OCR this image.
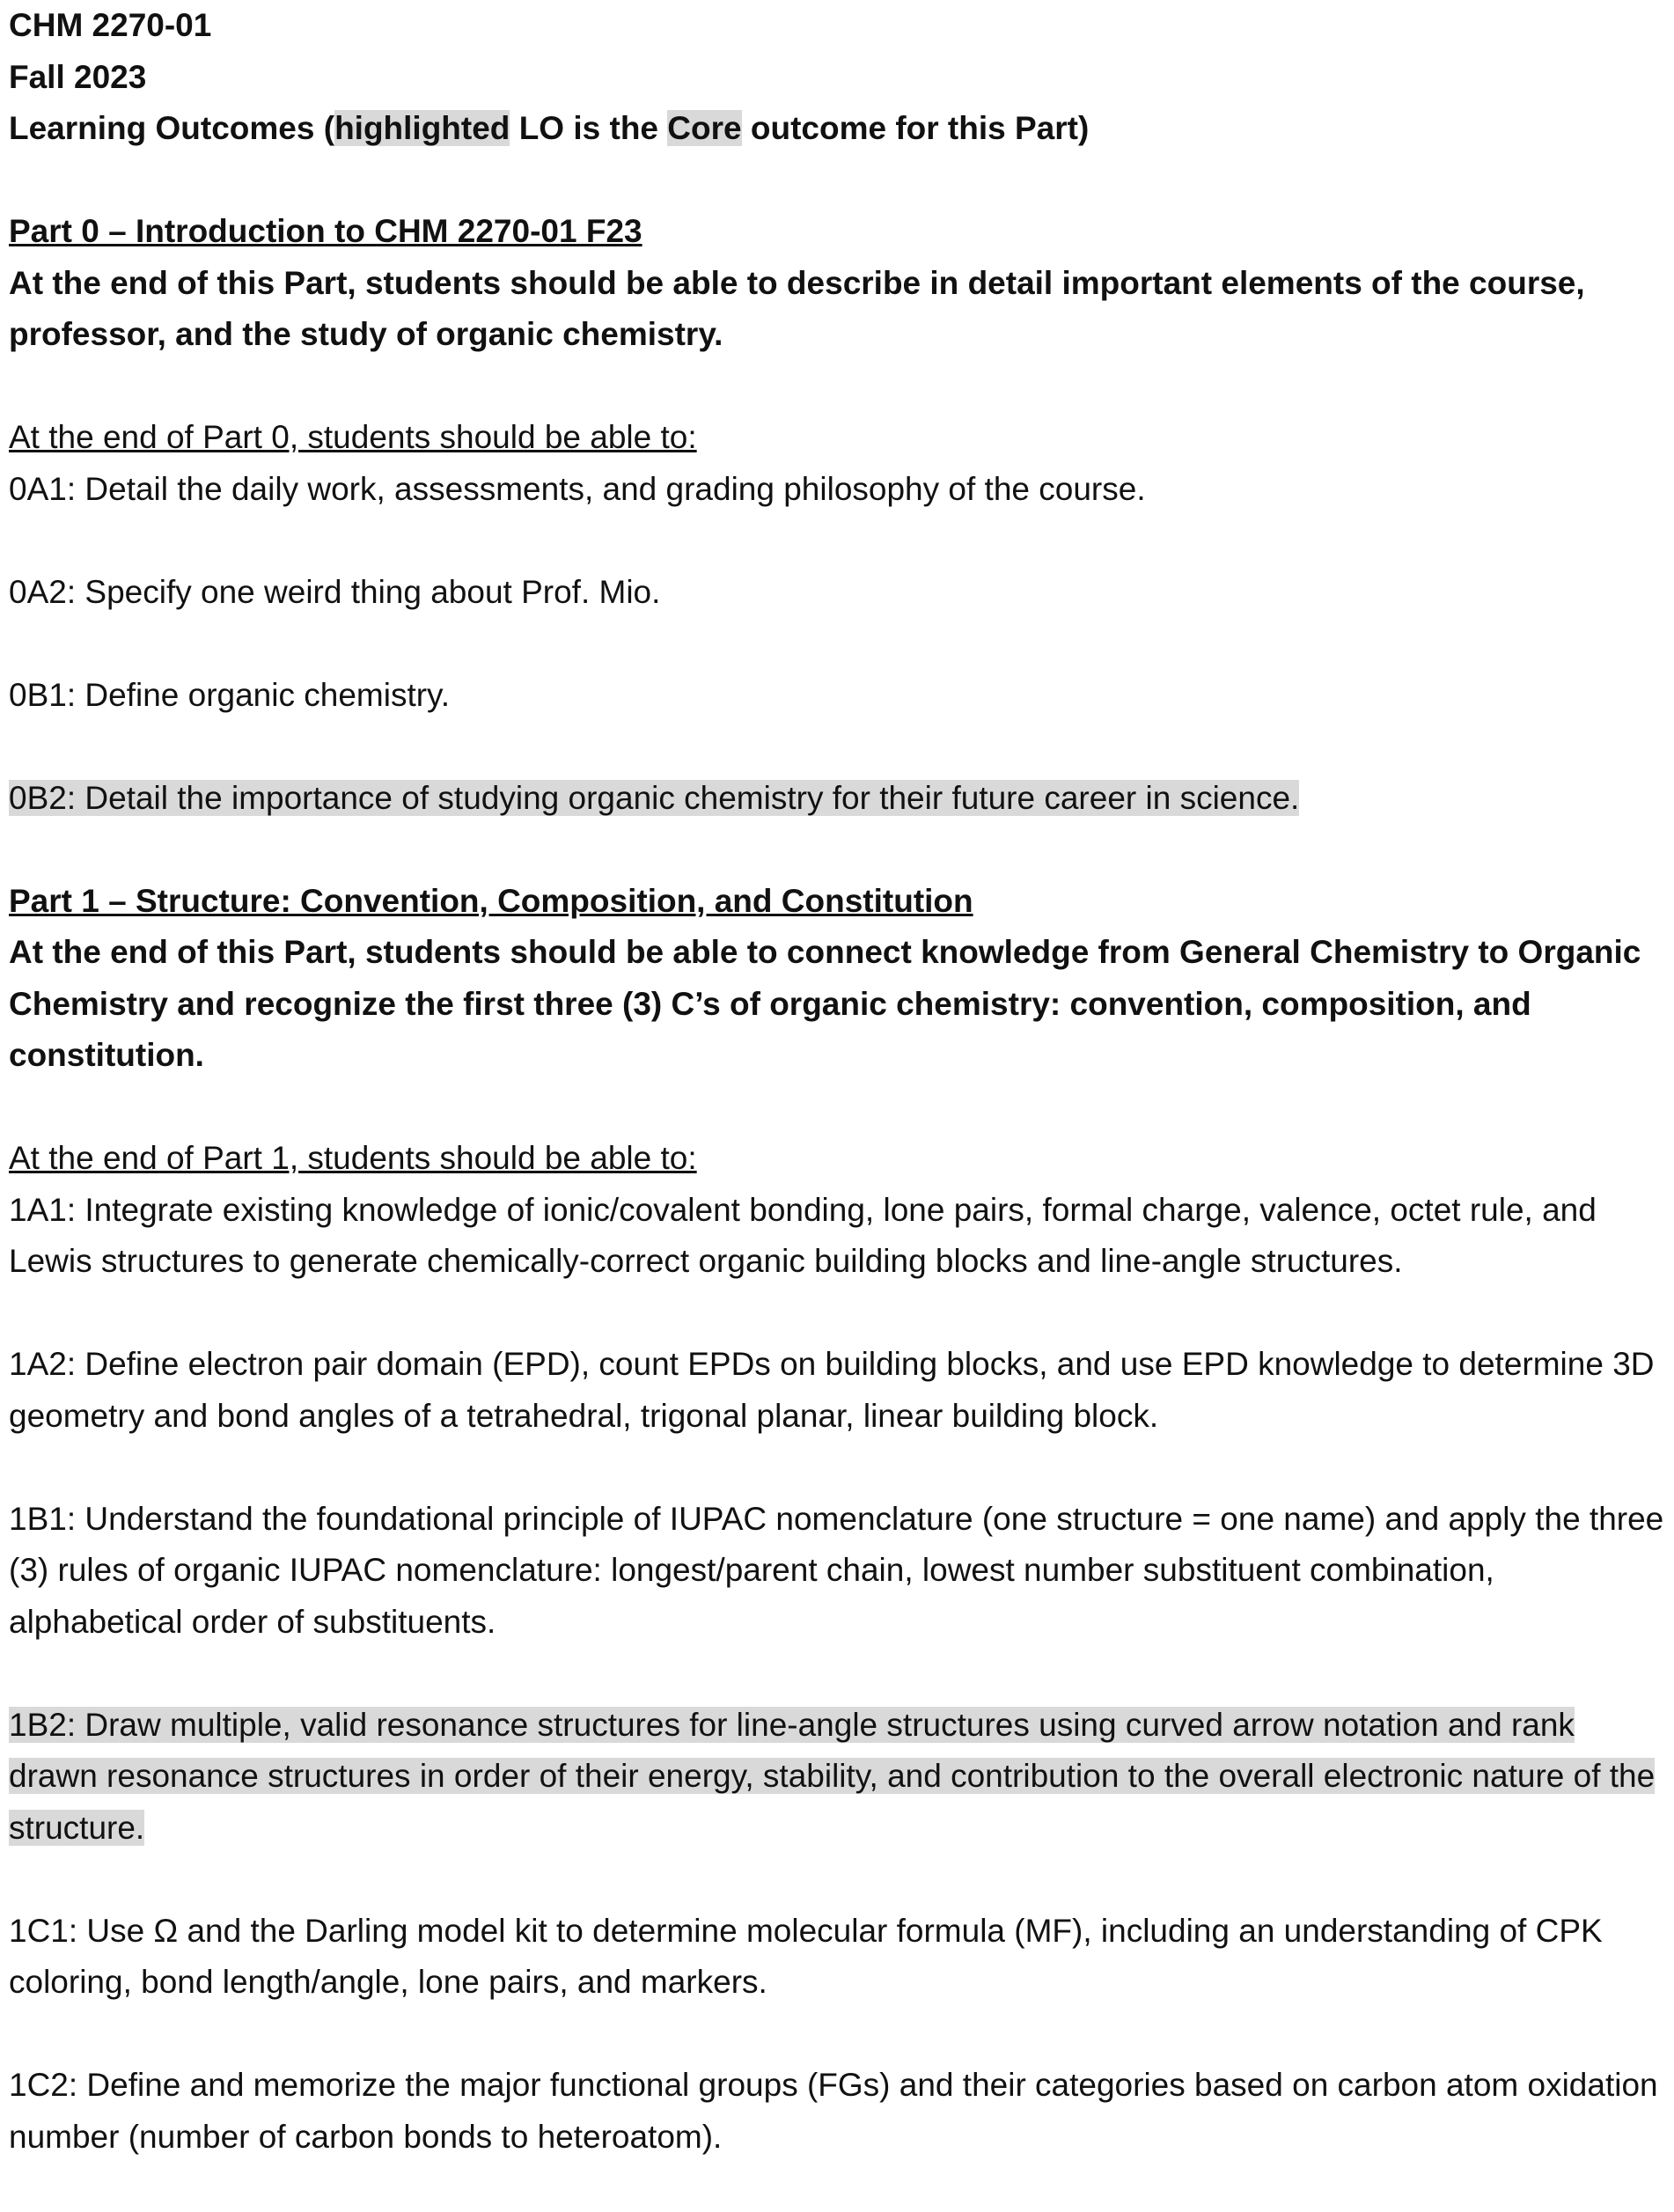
CHM 2270-01

Fall 2023

Learning Outcomes (highlighted LO is the Core outcome for this Part)

Part 0 – Introduction to CHM 2270-01 F23

At the end of this Part, students should be able to describe in detail important elements of the course, professor, and the study of organic chemistry.

At the end of Part 0, students should be able to:

0A1: Detail the daily work, assessments, and grading philosophy of the course.

0A2: Specify one weird thing about Prof. Mio.

0B1: Define organic chemistry.

0B2: Detail the importance of studying organic chemistry for their future career in science.

Part 1 – Structure: Convention, Composition, and Constitution

At the end of this Part, students should be able to connect knowledge from General Chemistry to Organic Chemistry and recognize the first three (3) C’s of organic chemistry: convention, composition, and constitution.

At the end of Part 1, students should be able to:

1A1: Integrate existing knowledge of ionic/covalent bonding, lone pairs, formal charge, valence, octet rule, and Lewis structures to generate chemically-correct organic building blocks and line-angle structures.

1A2: Define electron pair domain (EPD), count EPDs on building blocks, and use EPD knowledge to determine 3D geometry and bond angles of a tetrahedral, trigonal planar, linear building block.

1B1: Understand the foundational principle of IUPAC nomenclature (one structure = one name) and apply the three (3) rules of organic IUPAC nomenclature: longest/parent chain, lowest number substituent combination, alphabetical order of substituents.

1B2: Draw multiple, valid resonance structures for line-angle structures using curved arrow notation and rank drawn resonance structures in order of their energy, stability, and contribution to the overall electronic nature of the structure.

1C1: Use Ω and the Darling model kit to determine molecular formula (MF), including an understanding of CPK coloring, bond length/angle, lone pairs, and markers.

1C2: Define and memorize the major functional groups (FGs) and their categories based on carbon atom oxidation number (number of carbon bonds to heteroatom).
